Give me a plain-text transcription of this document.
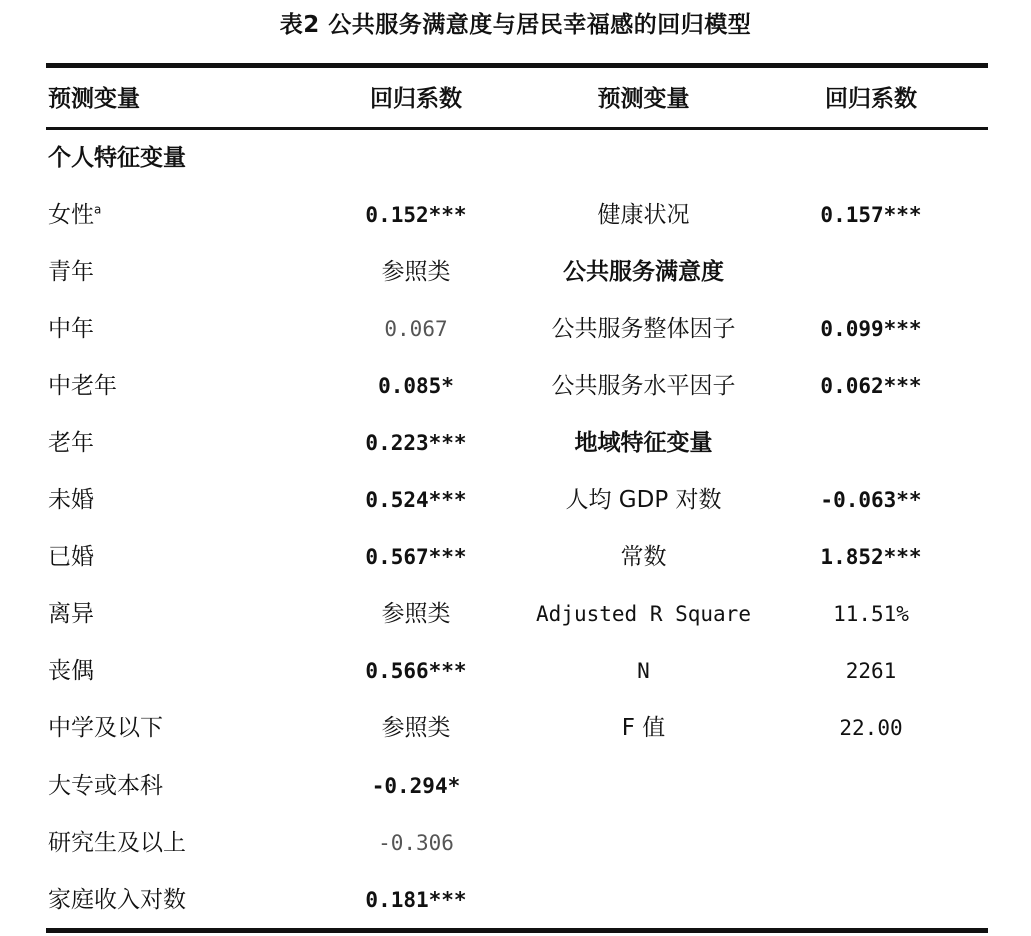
表2 公共服务满意度与居民幸福感的回归模型
预测变量	回归系数	预测变量	回归系数
个人特征变量
女性$^a$	0.152***	健康状况	0.157***
青年	参照类	公共服务满意度
中年	0.067	公共服务整体因子	0.099***
中老年	0.085*	公共服务水平因子	0.062***
老年	0.223***	地域特征变量
未婚	0.524***	人均 GDP 对数	-0.063**
已婚	0.567***	常数	1.852***
离异	参照类	Adjusted R Square	11.51%
丧偶	0.566***	N	2261
中学及以下	参照类	F 值	22.00
大专或本科	-0.294*
研究生及以上	-0.306
家庭收入对数	0.181***
